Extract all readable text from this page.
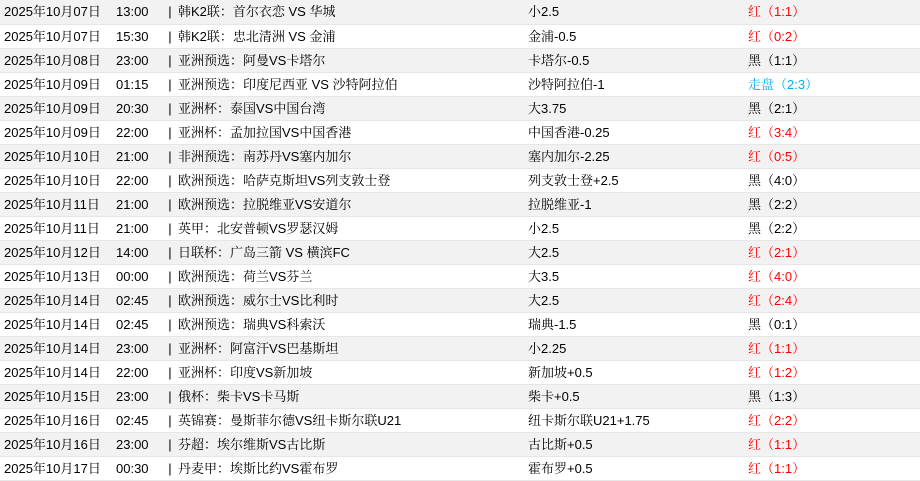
2025年10月07日	13:00	|	韩K2联：首尔衣恋 VS 华城	小2.5	红（1:1）
2025年10月07日	15:30	|	韩K2联：忠北清洲 VS 金浦	金浦-0.5	红（0:2）
2025年10月08日	23:00	|	亚洲预选：阿曼VS卡塔尔	卡塔尔-0.5	黑（1:1）
2025年10月09日	01:15	|	亚洲预选：印度尼西亚 VS 沙特阿拉伯	沙特阿拉伯-1	走盘（2:3）
2025年10月09日	20:30	|	亚洲杯：泰国VS中国台湾	大3.75	黑（2:1）
2025年10月09日	22:00	|	亚洲杯：孟加拉国VS中国香港	中国香港-0.25	红（3:4）
2025年10月10日	21:00	|	非洲预选：南苏丹VS塞内加尔	塞内加尔-2.25	红（0:5）
2025年10月10日	22:00	|	欧洲预选：哈萨克斯坦VS列支敦士登	列支敦士登+2.5	黑（4:0）
2025年10月11日	21:00	|	欧洲预选：拉脱维亚VS安道尔	拉脱维亚-1	黑（2:2）
2025年10月11日	21:00	|	英甲：北安普顿VS罗瑟汉姆	小2.5	黑（2:2）
2025年10月12日	14:00	|	日联杯：广岛三箭 VS 横滨FC	大2.5	红（2:1）
2025年10月13日	00:00	|	欧洲预选：荷兰VS芬兰	大3.5	红（4:0）
2025年10月14日	02:45	|	欧洲预选：威尔士VS比利时	大2.5	红（2:4）
2025年10月14日	02:45	|	欧洲预选：瑞典VS科索沃	瑞典-1.5	黑（0:1）
2025年10月14日	23:00	|	亚洲杯：阿富汗VS巴基斯坦	小2.25	红（1:1）
2025年10月14日	22:00	|	亚洲杯：印度VS新加坡	新加坡+0.5	红（1:2）
2025年10月15日	23:00	|	俄杯：柴卡VS卡马斯	柴卡+0.5	黑（1:3）
2025年10月16日	02:45	|	英锦赛：曼斯菲尔德VS纽卡斯尔联U21	纽卡斯尔联U21+1.75	红（2:2）
2025年10月16日	23:00	|	芬超：埃尔维斯VS古比斯	古比斯+0.5	红（1:1）
2025年10月17日	00:30	|	丹麦甲：埃斯比约VS霍布罗	霍布罗+0.5	红（1:1）
